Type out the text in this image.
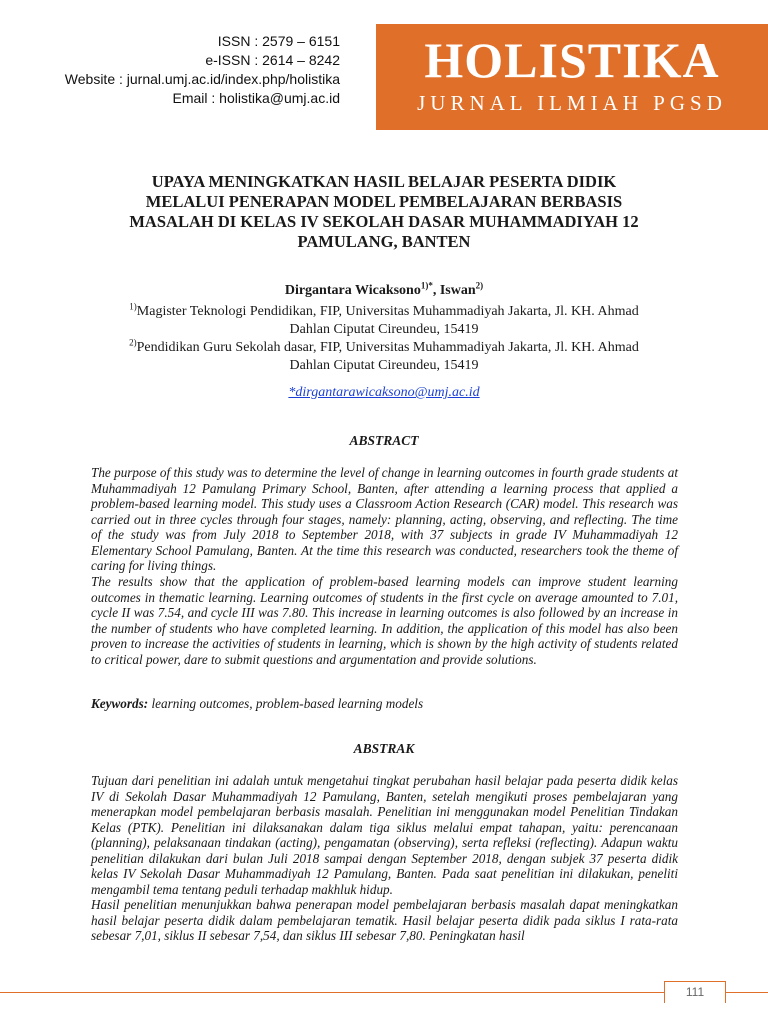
ISSN : 2579 – 6151
e-ISSN : 2614 – 8242
Website : jurnal.umj.ac.id/index.php/holistika
Email : holistika@umj.ac.id
HOLISTIKA
JURNAL ILMIAH PGSD
UPAYA MENINGKATKAN HASIL BELAJAR PESERTA DIDIK
MELALUI PENERAPAN MODEL PEMBELAJARAN BERBASIS
MASALAH DI KELAS IV SEKOLAH DASAR MUHAMMADIYAH 12
PAMULANG, BANTEN
Dirgantara Wicaksono$^{1)*}$, Iswan$^{2)}$
$^{1)}$Magister Teknologi Pendidikan, FIP, Universitas Muhammadiyah Jakarta, Jl. KH. Ahmad
Dahlan Ciputat Cireundeu, 15419
$^{2)}$Pendidikan Guru Sekolah dasar, FIP, Universitas Muhammadiyah Jakarta, Jl. KH. Ahmad
Dahlan Ciputat Cireundeu, 15419
*dirgantarawicaksono@umj.ac.id
ABSTRACT

The purpose of this study was to determine the level of change in learning outcomes in fourth grade students at Muhammadiyah 12 Pamulang Primary School, Banten, after attending a learning process that applied a problem-based learning model. This study uses a Classroom Action Research (CAR) model. This research was carried out in three cycles through four stages, namely: planning, acting, observing, and reflecting. The time of the study was from July 2018 to September 2018, with 37 subjects in grade IV Muhammadiyah 12 Elementary School Pamulang, Banten. At the time this research was conducted, researchers took the theme of caring for living things.

The results show that the application of problem-based learning models can improve student learning outcomes in thematic learning. Learning outcomes of students in the first cycle on average amounted to 7.01, cycle II was 7.54, and cycle III was 7.80. This increase in learning outcomes is also followed by an increase in the number of students who have completed learning. In addition, the application of this model has also been proven to increase the activities of students in learning, which is shown by the high activity of students related to critical power, dare to submit questions and argumentation and provide solutions.

Keywords: learning outcomes, problem-based learning models
ABSTRAK

Tujuan dari penelitian ini adalah untuk mengetahui tingkat perubahan hasil belajar pada peserta didik kelas IV di Sekolah Dasar Muhammadiyah 12 Pamulang, Banten, setelah mengikuti proses pembelajaran yang menerapkan model pembelajaran berbasis masalah. Penelitian ini menggunakan model Penelitian Tindakan Kelas (PTK). Penelitian ini dilaksanakan dalam tiga siklus melalui empat tahapan, yaitu: perencanaan (planning), pelaksanaan tindakan (acting), pengamatan (observing), serta refleksi (reflecting). Adapun waktu penelitian dilakukan dari bulan Juli 2018 sampai dengan September 2018, dengan subjek 37 peserta didik kelas IV Sekolah Dasar Muhammadiyah 12 Pamulang, Banten. Pada saat penelitian ini dilakukan, peneliti mengambil tema tentang peduli terhadap makhluk hidup.

Hasil penelitian menunjukkan bahwa penerapan model pembelajaran berbasis masalah dapat meningkatkan hasil belajar peserta didik dalam pembelajaran tematik. Hasil belajar peserta didik pada siklus I rata-rata sebesar 7,01, siklus II sebesar 7,54, dan siklus III sebesar 7,80. Peningkatan hasil

111
